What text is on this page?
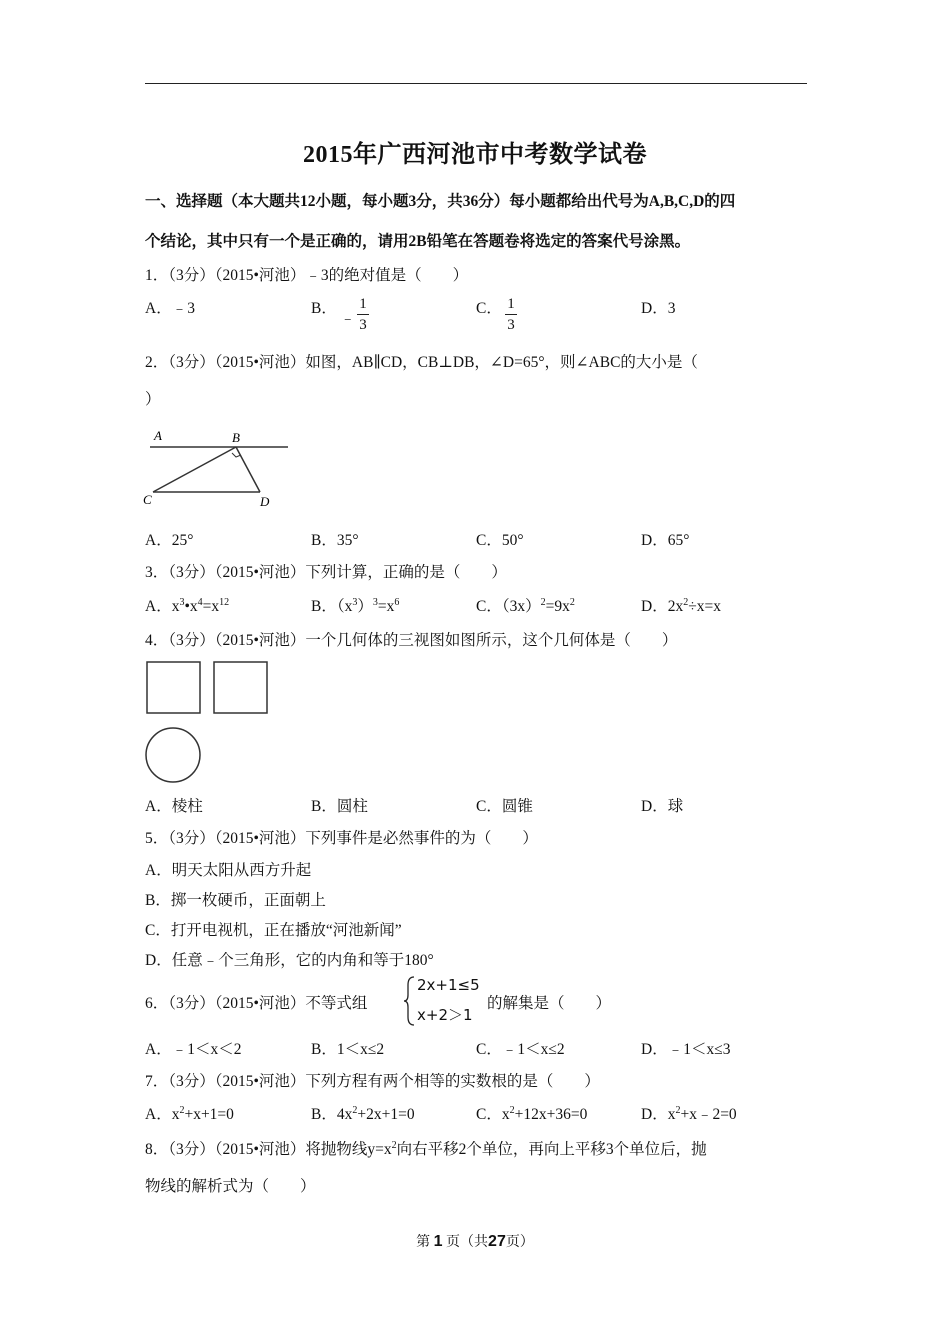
2015年广西河池市中考数学试卷
一、选择题（本大题共12小题，每小题3分，共36分）每小题都给出代号为A,B,C,D的四
个结论，其中只有一个是正确的，请用2B铅笔在答题卷将选定的答案代号涂黑。
1．（3分）（2015•河池）﹣3的绝对值是（　　）
A．﹣3	B．
﹣
1
3
C． 1
3
D．3
2．（3分）（2015•河池）如图，AB∥CD，CB⊥DB，∠D=65°，则∠ABC的大小是（
）
A	B
C	D
A．25°	B．35°	C．50°	D．65°
3．（3分）（2015•河池）下列计算，正确的是（　　）
A．$x^3•x^4=x^{12}$	B．$(x^3)^3=x^6$	C．$(3x)^2=9x^2$	D．$2x^2\div x=x$
4．（3分）（2015•河池）一个几何体的三视图如图所示，这个几何体是（　　）
A．棱柱	B．圆柱	C．圆锥	D．球
5．（3分）（2015•河池）下列事件是必然事件的为（　　）
A．明天太阳从西方升起
B．掷一枚硬币，正面朝上
C．打开电视机，正在播放“河池新闻”
D．任意﹣个三角形，它的内角和等于180°
6．（3分）（2015•河池）不等式组
2x+1≤5
x+2＞1
的解集是（　　）
A．﹣1＜x＜2	B．1＜x≤2	C．﹣1＜x≤2	D．﹣1＜x≤3
7．（3分）（2015•河池）下列方程有两个相等的实数根的是（　　）
A．$x^2+x+1=0$	B．$4x^2+2x+1=0$	C．$x^2+12x+36=0$	D．$x^2+x﹣2=0$
8．（3分）（2015•河池）将抛物线$y=x^2$向右平移2个单位，再向上平移3个单位后，抛
物线的解析式为（　　）
第 1 页（共27页）
